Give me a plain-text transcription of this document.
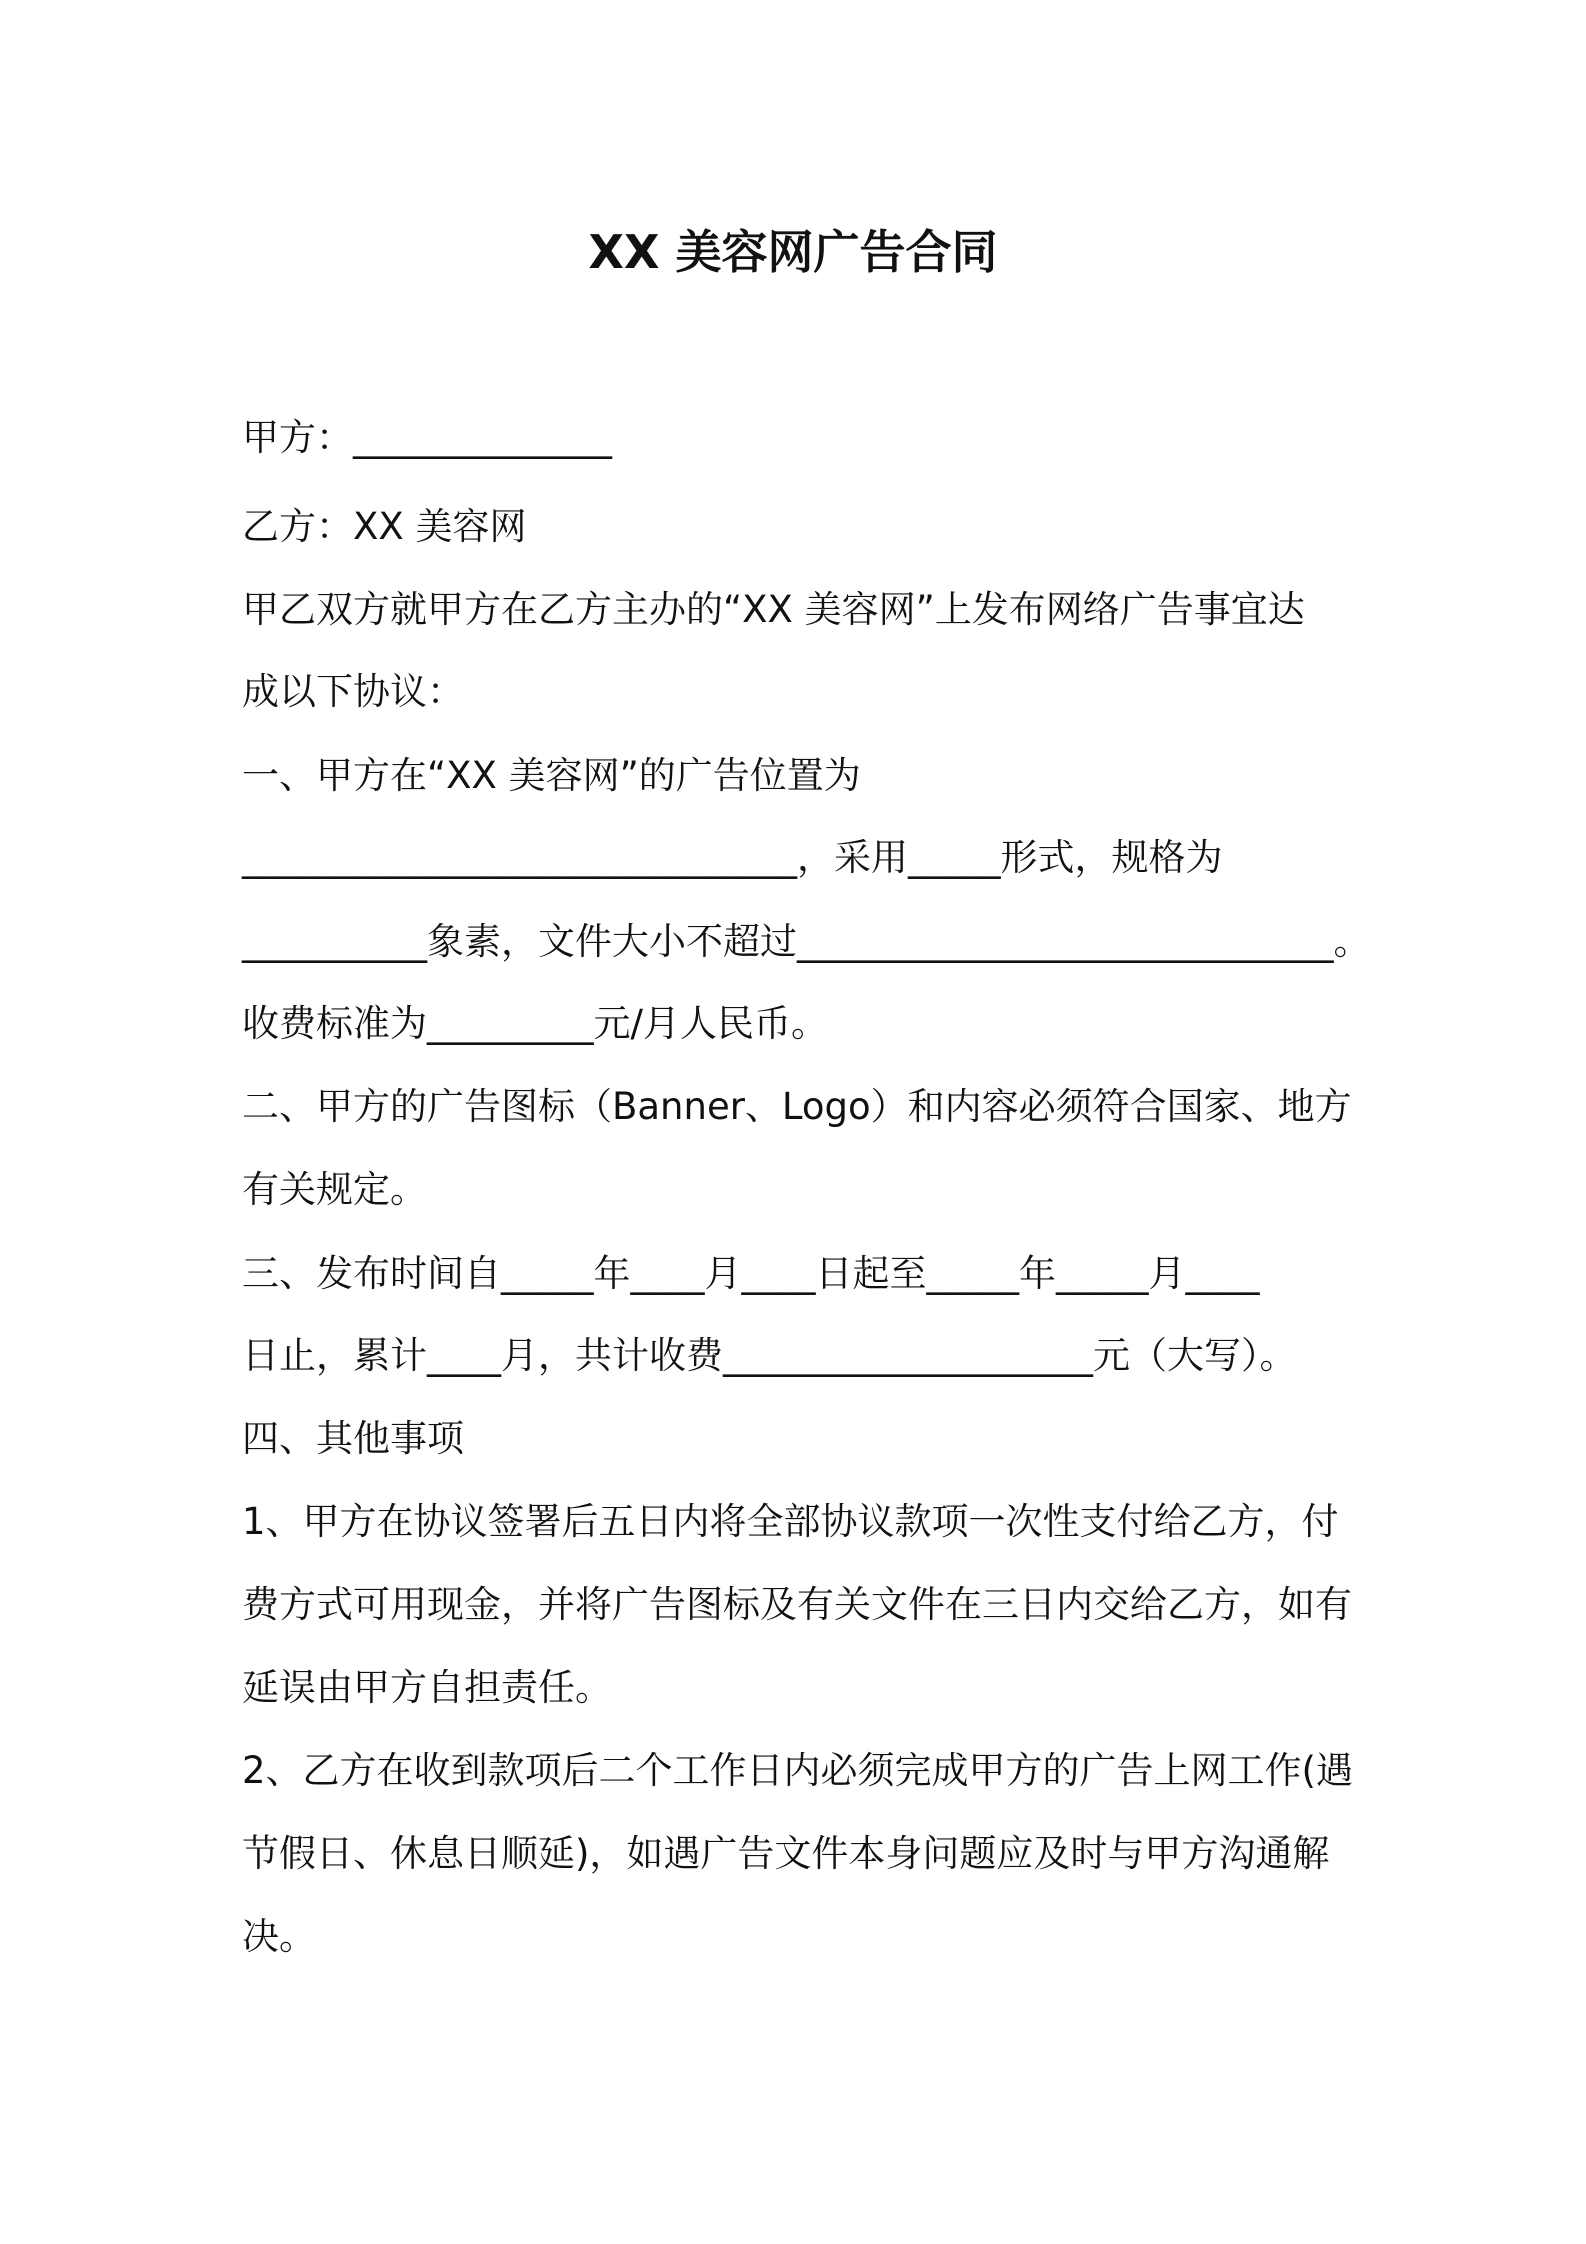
XX 美容网广告合同
甲方：______________
乙方：XX 美容网
甲乙双方就甲方在乙方主办的“XX 美容网”上发布网络广告事宜达
成以下协议：
一、甲方在“XX 美容网”的广告位置为
______________________________，采用_____形式，规格为
__________象素，文件大小不超过_____________________________。
收费标准为_________元/月人民币。
二、甲方的广告图标（Banner、Logo）和内容必须符合国家、地方
有关规定。
三、发布时间自_____年____月____日起至_____年_____月____
日止，累计____月，共计收费____________________元（大写）。
四、其他事项
1、甲方在协议签署后五日内将全部协议款项一次性支付给乙方，付
费方式可用现金，并将广告图标及有关文件在三日内交给乙方，如有
延误由甲方自担责任。
2、乙方在收到款项后二个工作日内必须完成甲方的广告上网工作(遇
节假日、休息日顺延)，如遇广告文件本身问题应及时与甲方沟通解
决。
